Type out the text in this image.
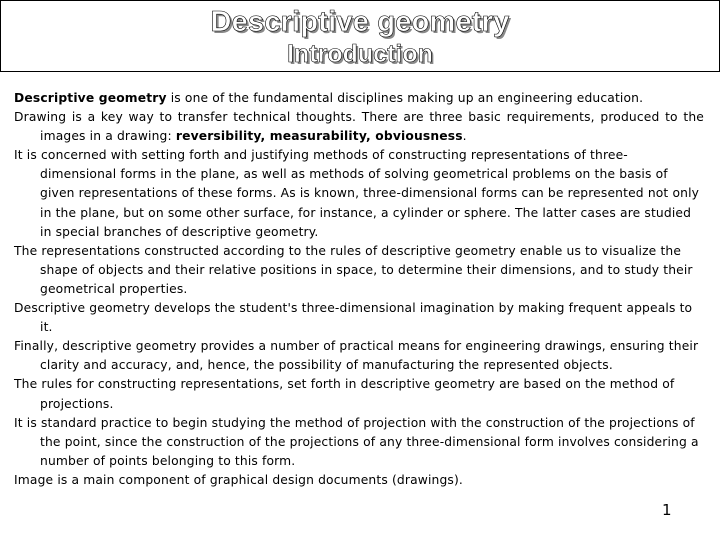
Descriptive geometry
Introduction

Descriptive geometry is one of the fundamental disciplines making up an engineering education.

Drawing is a key way to transfer technical thoughts. There are three basic requirements, produced to the images in a drawing: reversibility, measurability, obviousness.

It is concerned with setting forth and justifying methods of constructing representations of three-dimensional forms in the plane, as well as methods of solving geometrical problems on the basis of given representations of these forms. As is known, three-dimensional forms can be represented not only in the plane, but on some other surface, for instance, a cylinder or sphere. The latter cases are studied in special branches of descriptive geometry.

The representations constructed according to the rules of descriptive geometry enable us to visualize the shape of objects and their relative positions in space, to determine their dimensions, and to study their geometrical properties.

Descriptive geometry develops the student's three-dimensional imagination by making frequent appeals to it.

Finally, descriptive geometry provides a number of practical means for engineering drawings, ensuring their clarity and accuracy, and, hence, the possibility of manufacturing the represented objects.

The rules for constructing representations, set forth in descriptive geometry are based on the method of projections.

It is standard practice to begin studying the method of projection with the construction of the projections of the point, since the construction of the projections of any three-dimensional form involves considering a number of points belonging to this form.

Image is a main component of graphical design documents (drawings).

1
